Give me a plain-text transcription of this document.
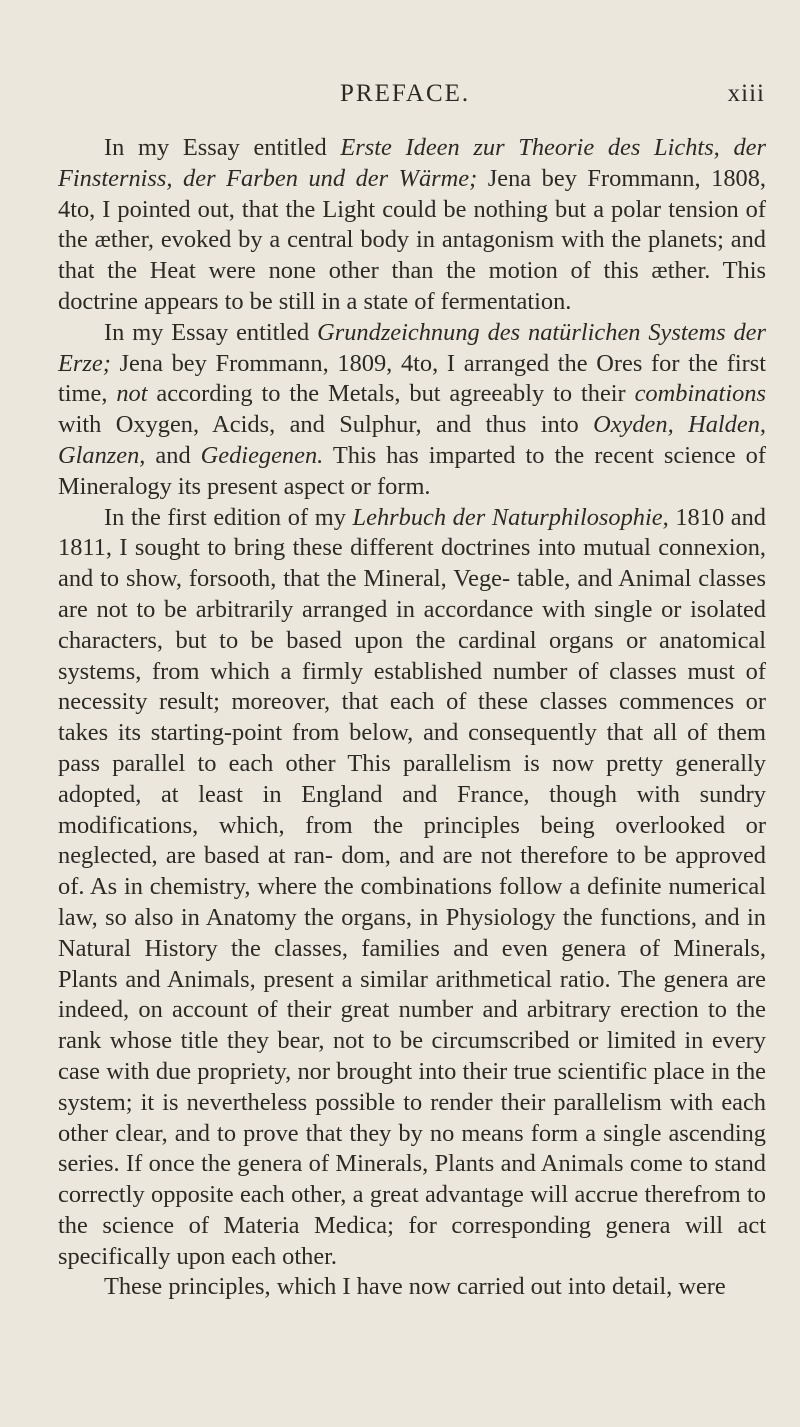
PREFACE.	xiii

In my Essay entitled Erste Ideen zur Theorie des Lichts, der Finsterniss, der Farben und der Wärme; Jena bey Frommann, 1808, 4to, I pointed out, that the Light could be nothing but a polar tension of the æther, evoked by a central body in antagonism with the planets; and that the Heat were none other than the motion of this æther. This doctrine appears to be still in a state of fermentation.

In my Essay entitled Grundzeichnung des natürlichen Systems der Erze; Jena bey Frommann, 1809, 4to, I arranged the Ores for the first time, not according to the Metals, but agreeably to their combinations with Oxygen, Acids, and Sulphur, and thus into Oxyden, Halden, Glanzen, and Gediegenen. This has imparted to the recent science of Mineralogy its present aspect or form.

In the first edition of my Lehrbuch der Naturphilosophie, 1810 and 1811, I sought to bring these different doctrines into mutual connexion, and to show, forsooth, that the Mineral, Vege- table, and Animal classes are not to be arbitrarily arranged in accordance with single or isolated characters, but to be based upon the cardinal organs or anatomical systems, from which a firmly established number of classes must of necessity result; moreover, that each of these classes commences or takes its starting-point from below, and consequently that all of them pass parallel to each other This parallelism is now pretty generally adopted, at least in England and France, though with sundry modifications, which, from the principles being overlooked or neglected, are based at ran- dom, and are not therefore to be approved of. As in chemistry, where the combinations follow a definite numerical law, so also in Anatomy the organs, in Physiology the functions, and in Natural History the classes, families and even genera of Minerals, Plants and Animals, present a similar arithmetical ratio. The genera are indeed, on account of their great number and arbitrary erection to the rank whose title they bear, not to be circumscribed or limited in every case with due propriety, nor brought into their true scientific place in the system; it is nevertheless possible to render their parallelism with each other clear, and to prove that they by no means form a single ascending series. If once the genera of Minerals, Plants and Animals come to stand correctly opposite each other, a great advantage will accrue therefrom to the science of Materia Medica; for corresponding genera will act specifically upon each other.

These principles, which I have now carried out into detail, were
